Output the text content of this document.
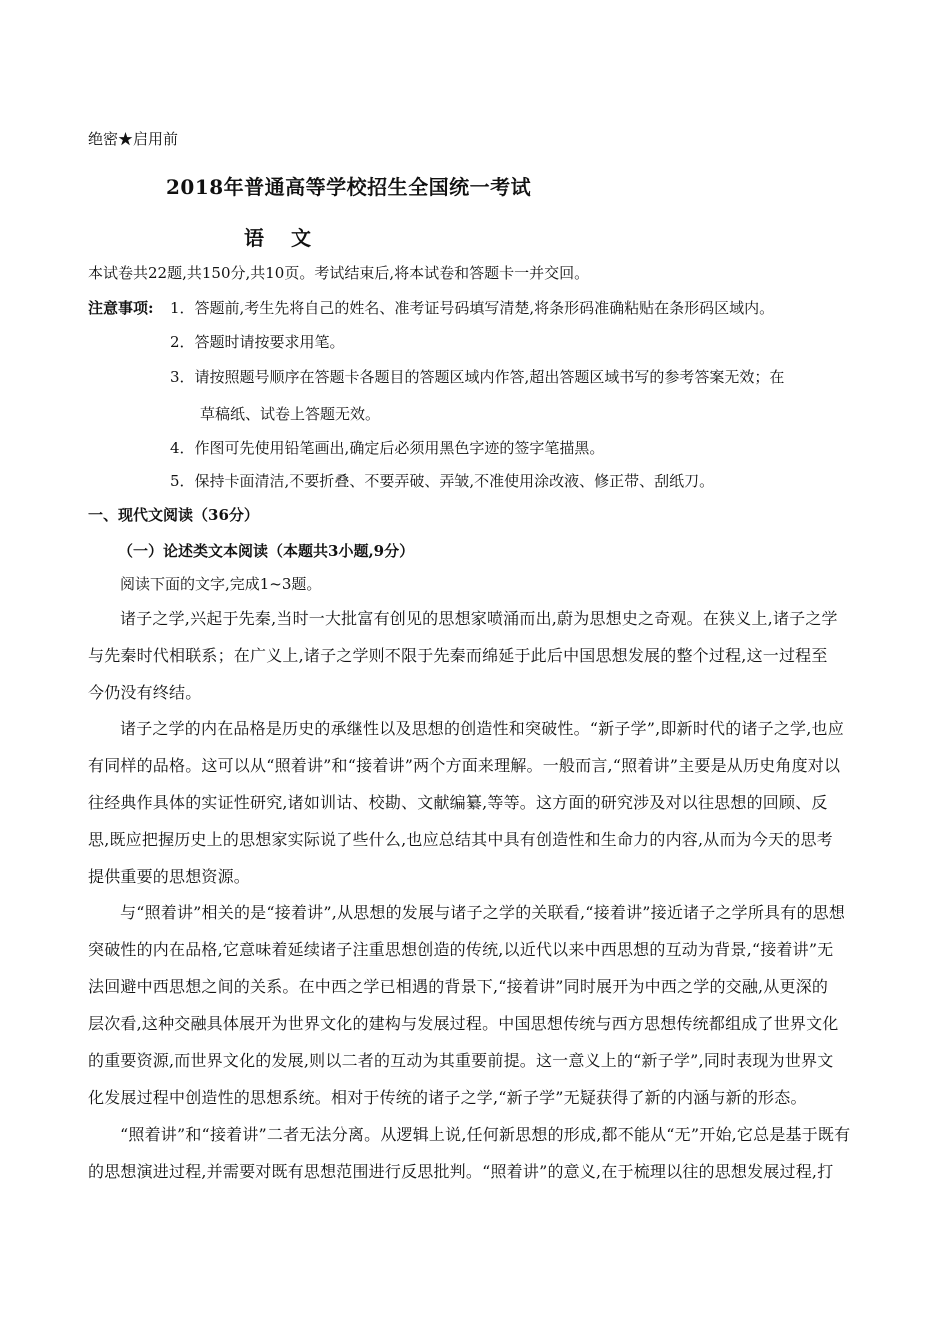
绝密★启用前
2018年普通高等学校招生全国统一考试
语 文
本试卷共22题,共150分,共10页。考试结束后,将本试卷和答题卡一并交回。
注意事项: 1．答题前,考生先将自己的姓名、准考证号码填写清楚,将条形码准确粘贴在条形码区域内。
2．答题时请按要求用笔。
3．请按照题号顺序在答题卡各题目的答题区域内作答,超出答题区域书写的参考答案无效；在
草稿纸、试卷上答题无效。
4．作图可先使用铅笔画出,确定后必须用黑色字迹的签字笔描黑。
5．保持卡面清洁,不要折叠、不要弄破、弄皱,不准使用涂改液、修正带、刮纸刀。
一、现代文阅读（36分）
（一）论述类文本阅读（本题共3小题,9分）
阅读下面的文字,完成1~3题。
诸子之学,兴起于先秦,当时一大批富有创见的思想家喷涌而出,蔚为思想史之奇观。在狭义上,诸子之学
与先秦时代相联系；在广义上,诸子之学则不限于先秦而绵延于此后中国思想发展的整个过程,这一过程至
今仍没有终结。
诸子之学的内在品格是历史的承继性以及思想的创造性和突破性。“新子学”,即新时代的诸子之学,也应
有同样的品格。这可以从“照着讲”和“接着讲”两个方面来理解。一般而言,“照着讲”主要是从历史角度对以
往经典作具体的实证性研究,诸如训诂、校勘、文献编纂,等等。这方面的研究涉及对以往思想的回顾、反
思,既应把握历史上的思想家实际说了些什么,也应总结其中具有创造性和生命力的内容,从而为今天的思考
提供重要的思想资源。
与“照着讲”相关的是“接着讲”,从思想的发展与诸子之学的关联看,“接着讲”接近诸子之学所具有的思想
突破性的内在品格,它意味着延续诸子注重思想创造的传统,以近代以来中西思想的互动为背景,“接着讲”无
法回避中西思想之间的关系。在中西之学已相遇的背景下,“接着讲”同时展开为中西之学的交融,从更深的
层次看,这种交融具体展开为世界文化的建构与发展过程。中国思想传统与西方思想传统都组成了世界文化
的重要资源,而世界文化的发展,则以二者的互动为其重要前提。这一意义上的“新子学”,同时表现为世界文
化发展过程中创造性的思想系统。相对于传统的诸子之学,“新子学”无疑获得了新的内涵与新的形态。
“照着讲”和“接着讲”二者无法分离。从逻辑上说,任何新思想的形成,都不能从“无”开始,它总是基于既有
的思想演进过程,并需要对既有思想范围进行反思批判。“照着讲”的意义,在于梳理以往的思想发展过程,打
